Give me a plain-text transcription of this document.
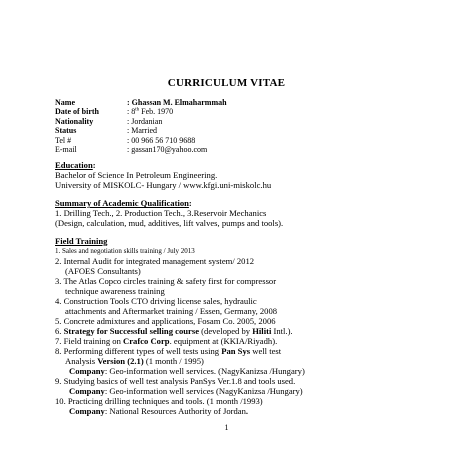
CURRICULUM VITAE
Name	: Ghassan M. Elmaharmmah
Date of birth	: 8th Feb. 1970
Nationality	: Jordanian
Status	: Married
Tel #	: 00 966 56 710 9688
E-mail	: gassan170@yahoo.com
Education:
Bachelor of Science In Petroleum Engineering.
University of MISKOLC- Hungary / www.kfgi.uni-miskolc.hu
Summary of Academic Qualification:
1. Drilling Tech., 2. Production Tech., 3.Reservoir Mechanics
(Design, calculation, mud, additives, lift valves, pumps and tools).
Field Training
1. Sales and negotiation skills training / July 2013
2. Internal Audit for integrated management system/ 2012
(AFOES Consultants)
3. The Atlas Copco circles training & safety first for compressor
technique awareness training
4. Construction Tools CTO driving license sales, hydraulic
attachments and Aftermarket training / Essen, Germany, 2008
5. Concrete admixtures and applications, Fosam Co. 2005, 2006
6. Strategy for Successful selling course (developed by Hiliti Intl.).
7. Field training on Crafco Corp. equipment at (KKIA/Riyadh).
8. Performing different types of well tests using Pan Sys well test
Analysis Version (2.1) (1 month / 1995)
Company: Geo-information well services. (NagyKanizsa /Hungary)
9. Studying basics of well test analysis PanSys Ver.1.8 and tools used.
Company: Geo-information well services (NagyKanizsa /Hungary)
10. Practicing drilling techniques and tools. (1 month /1993)
Company: National Resources Authority of Jordan.
1
